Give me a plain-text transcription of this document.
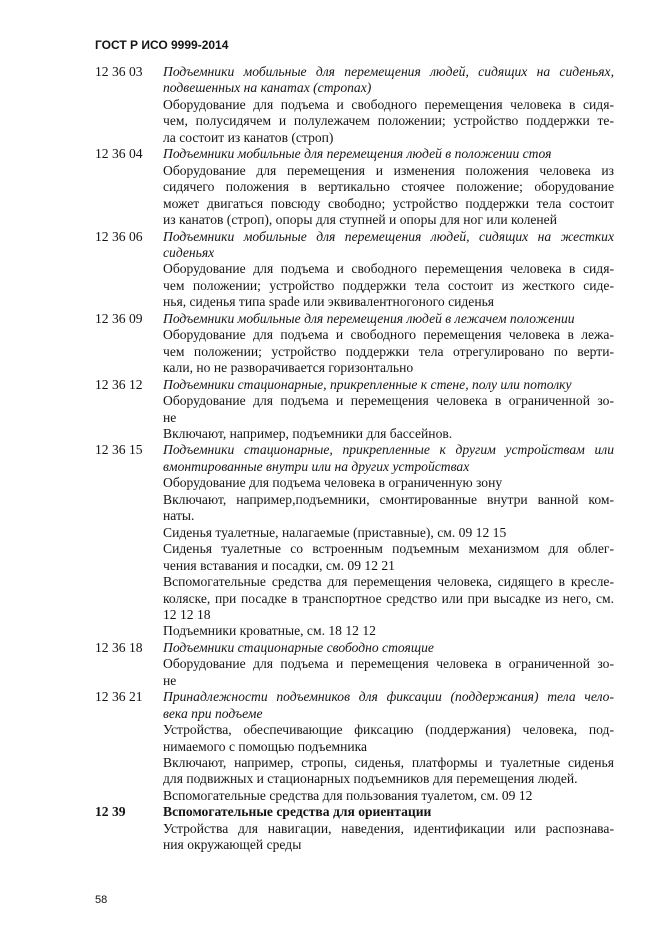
ГОСТ Р ИСО 9999-2014
12 36 03	Подъемники мобильные для перемещения людей, сидящих на сиденьях,
подвешенных на канатах (стропах)
Оборудование для подъема и свободного перемещения человека в сидя-
чем, полусидячем и полулежачем положении; устройство поддержки те-
ла состоит из канатов (строп)
12 36 04	Подъемники мобильные для перемещения людей в положении стоя
Оборудование для перемещения и изменения положения человека из
сидячего положения в вертикально стоячее положение; оборудование
может двигаться повсюду свободно; устройство поддержки тела состоит
из канатов (строп), опоры для ступней и опоры для ног или коленей
12 36 06	Подъемники мобильные для перемещения людей, сидящих на жестких
сиденьях
Оборудование для подъема и свободного перемещения человека в сидя-
чем положении; устройство поддержки тела состоит из жесткого сиде-
нья, сиденья типа spade или эквивалентногоного сиденья
12 36 09	Подъемники мобильные для перемещения людей в лежачем положении
Оборудование для подъема и свободного перемещения человека в лежа-
чем положении; устройство поддержки тела отрегулировано по верти-
кали, но не разворачивается горизонтально
12 36 12	Подъемники стационарные, прикрепленные к стене, полу или потолку
Оборудование для подъема и перемещения человека в ограниченной зо-
не
Включают, например, подъемники для бассейнов.
12 36 15	Подъемники стационарные, прикрепленные к другим устройствам или
вмонтированные внутри или на других устройствах
Оборудование для подъема человека в ограниченную зону
Включают, например,подъемники, смонтированные внутри ванной ком-
наты.
Сиденья туалетные, налагаемые (приставные), см. 09 12 15
Сиденья туалетные со встроенным подъемным механизмом для облег-
чения вставания и посадки, см. 09 12 21
Вспомогательные средства для перемещения человека, сидящего в кресле-
коляске, при посадке в транспортное средство или при высадке из него, см.
12 12 18
Подъемники кроватные, см. 18 12 12
12 36 18	Подъемники стационарные свободно стоящие
Оборудование для подъема и перемещения человека в ограниченной зо-
не
12 36 21	Принадлежности подъемников для фиксации (поддержания) тела чело-
века при подъеме
Устройства, обеспечивающие фиксацию (поддержания) человека, под-
нимаемого с помощью подъемника
Включают, например, стропы, сиденья, платформы и туалетные сиденья
для подвижных и стационарных подъемников для перемещения людей.
Вспомогательные средства для пользования туалетом, см. 09 12
12 39	Вспомогательные средства для ориентации
Устройства для навигации, наведения, идентификации или распознава-
ния окружающей среды
58
